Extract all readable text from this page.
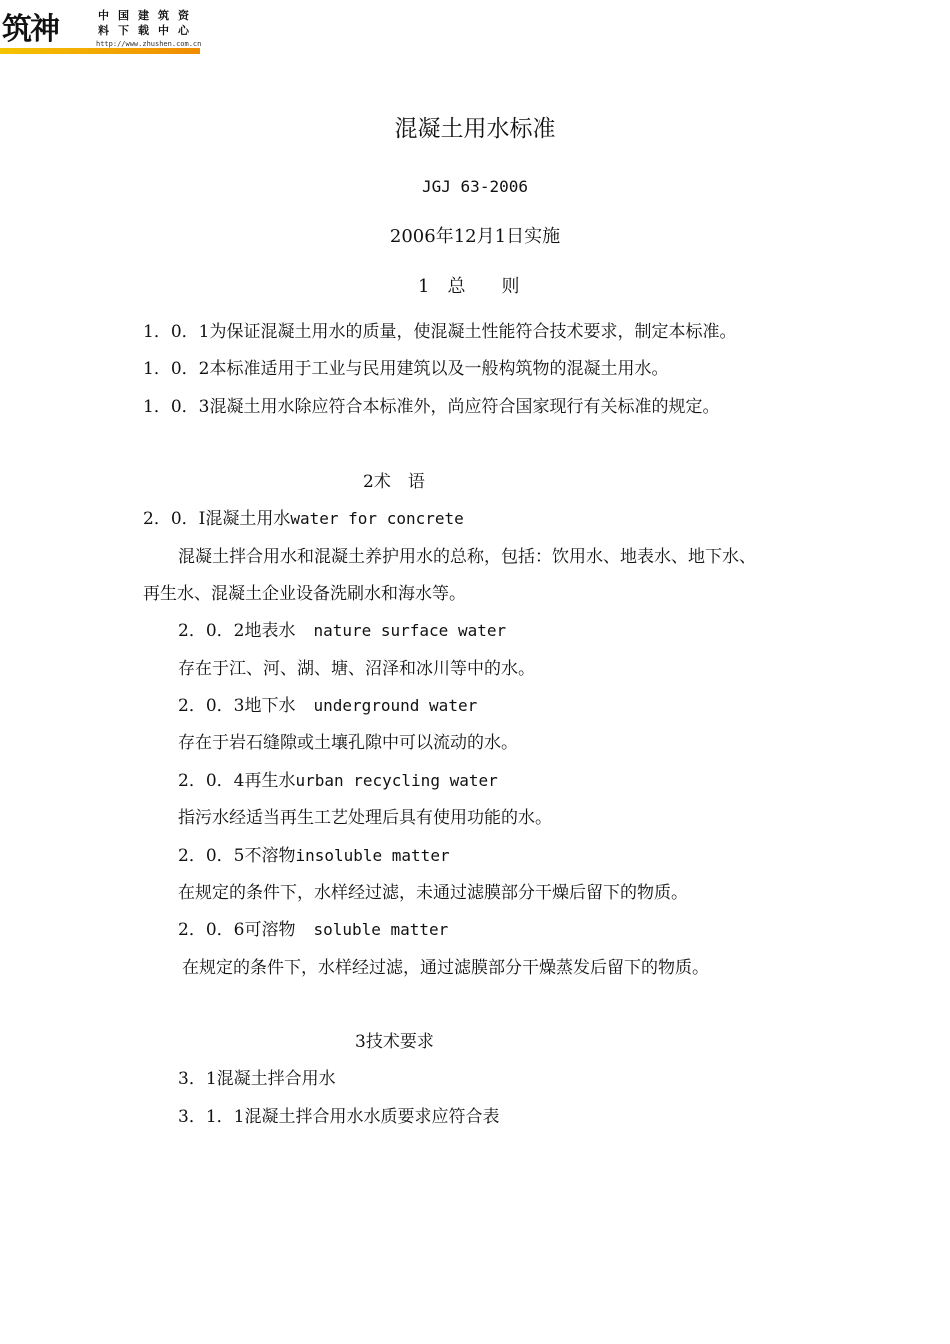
筑神	中国建筑资
料下载中心
http://www.zhushen.com.cn
混凝土用水标准
JGJ 63-2006
2006年12月1日实施
1　总　　则
1．0．1为保证混凝土用水的质量，使混凝土性能符合技术要求，制定本标准。
1．0．2本标准适用于工业与民用建筑以及一般构筑物的混凝土用水。
1．0．3混凝土用水除应符合本标准外，尚应符合国家现行有关标准的规定。
2术　语
2．0．I混凝土用水water for concrete
混凝土拌合用水和混凝土养护用水的总称，包括：饮用水、地表水、地下水、
再生水、混凝土企业设备洗刷水和海水等。
2．0．2地表水 nature surface water
存在于江、河、湖、塘、沼泽和冰川等中的水。
2．0．3地下水 underground water
存在于岩石缝隙或土壤孔隙中可以流动的水。
2．0．4再生水urban recycling water
指污水经适当再生工艺处理后具有使用功能的水。
2．0．5不溶物insoluble matter
在规定的条件下，水样经过滤，未通过滤膜部分干燥后留下的物质。
2．0．6可溶物 soluble matter
在规定的条件下，水样经过滤，通过滤膜部分干燥蒸发后留下的物质。
3技术要求
3．1混凝土拌合用水
3．1．1混凝土拌合用水水质要求应符合表
